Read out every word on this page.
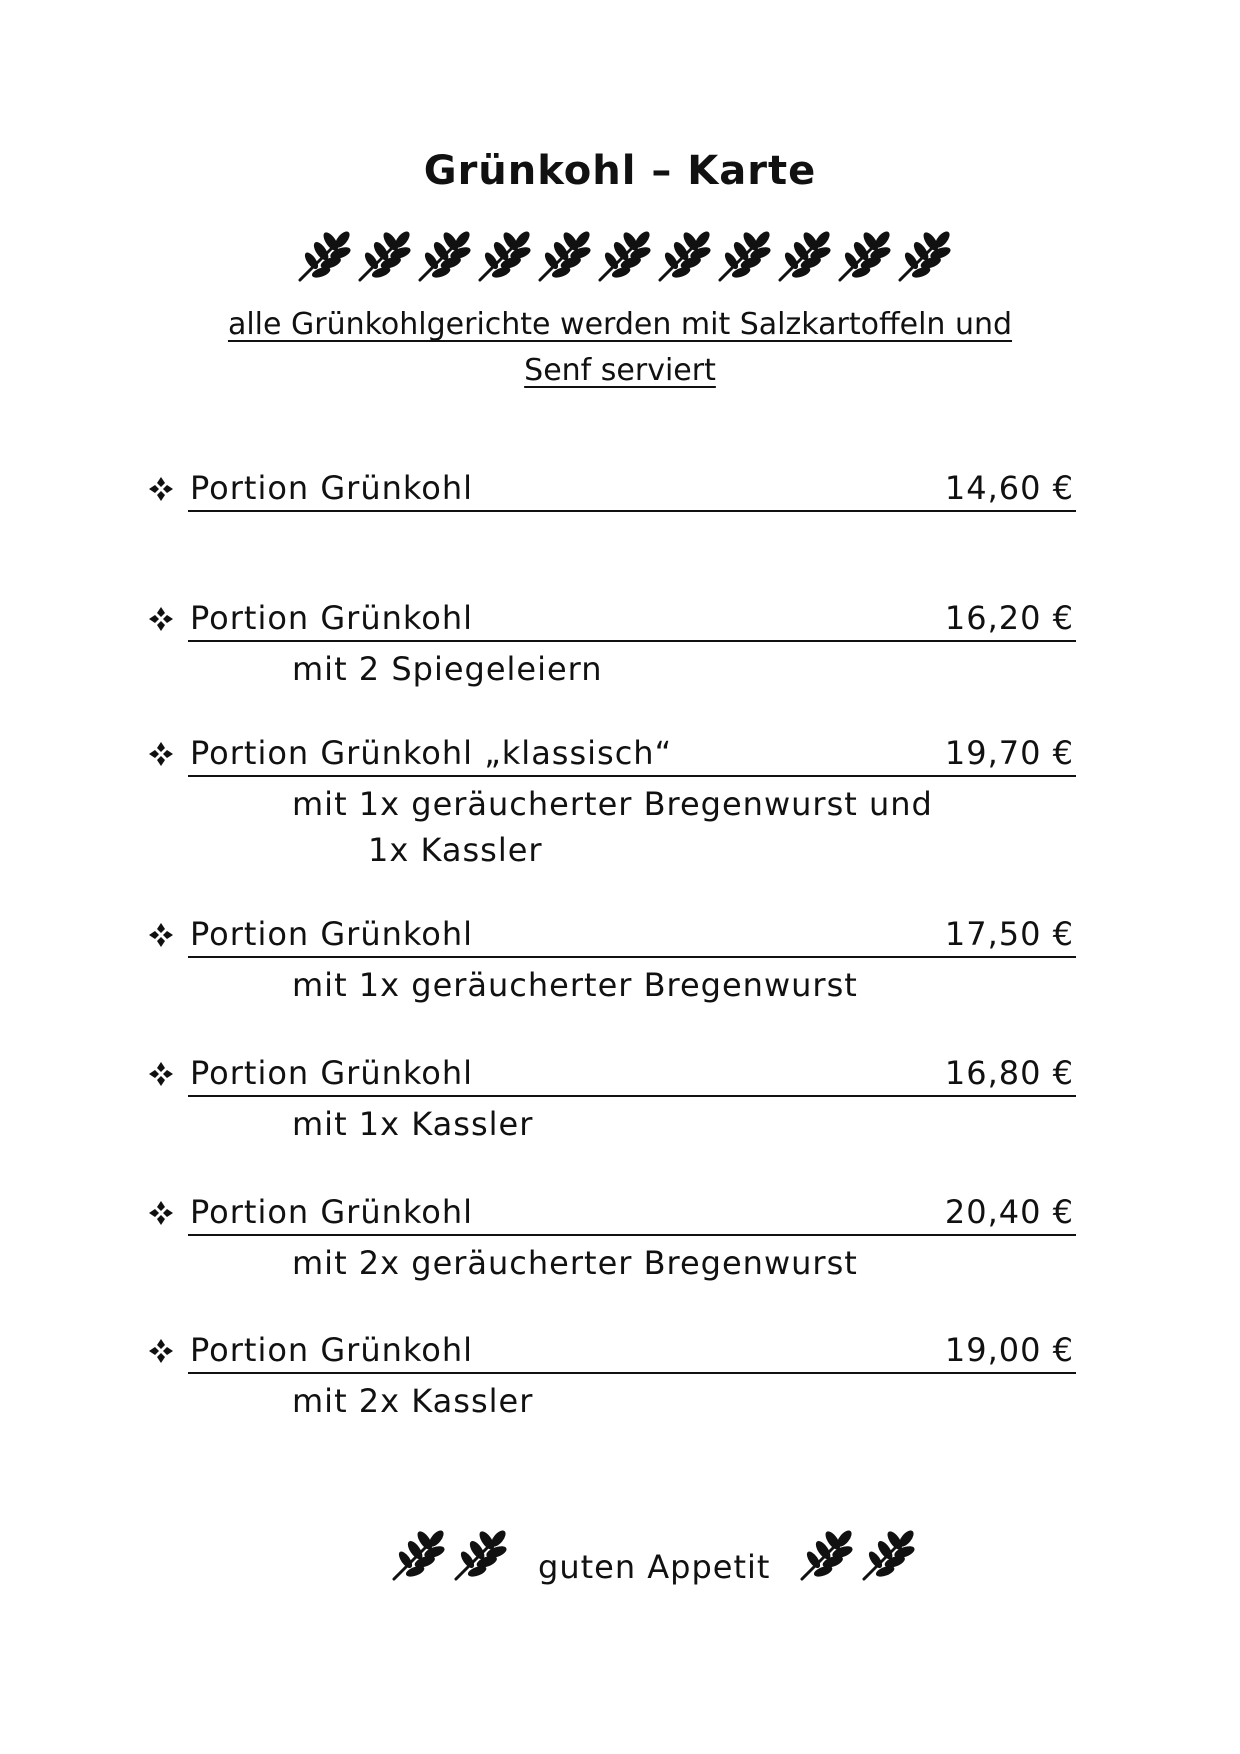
Grünkohl – Karte
alle Grünkohlgerichte werden mit Salzkartoffeln und
Senf serviert
Portion Grünkohl	14,60 €
Portion Grünkohl	16,20 €
mit 2 Spiegeleiern
Portion Grünkohl „klassisch“	19,70 €
mit 1x geräucherter Bregenwurst und
1x Kassler
Portion Grünkohl	17,50 €
mit 1x geräucherter Bregenwurst
Portion Grünkohl	16,80 €
mit 1x Kassler
Portion Grünkohl	20,40 €
mit 2x geräucherter Bregenwurst
Portion Grünkohl	19,00 €
mit 2x Kassler
guten Appetit
